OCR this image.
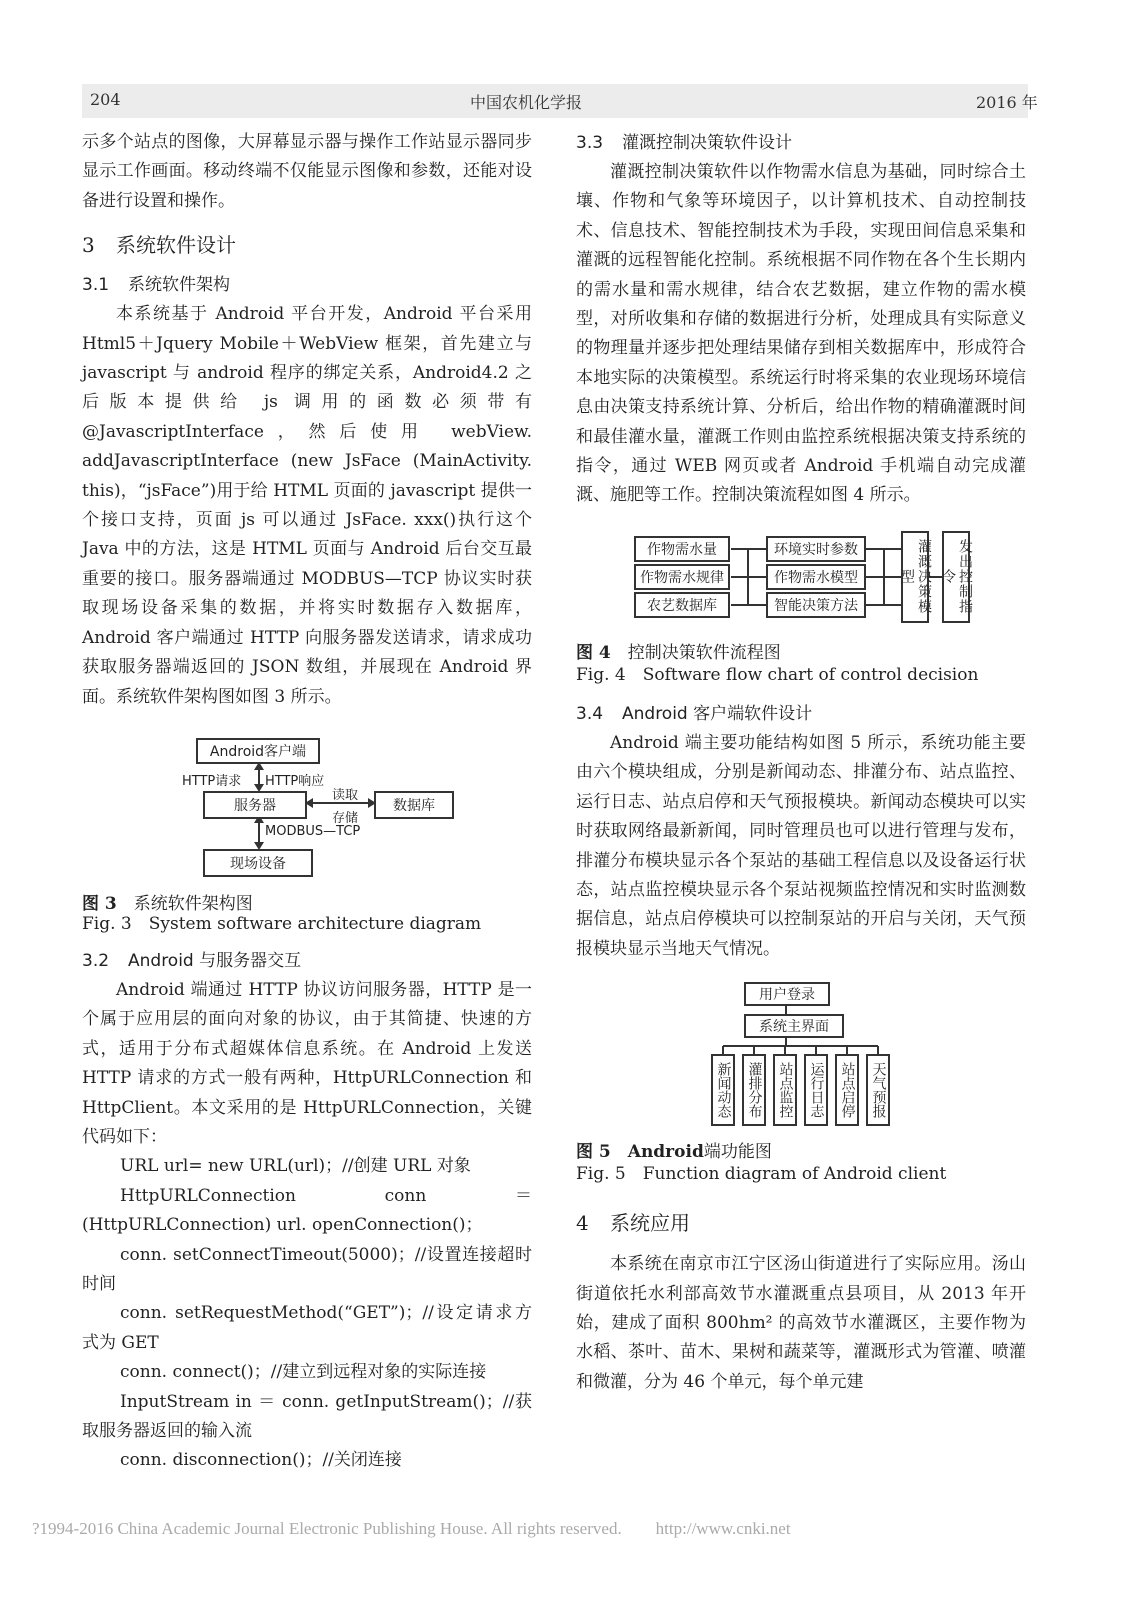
204	中国农机化学报	2016 年

示多个站点的图像，大屏幕显示器与操作工作站显示器同步显示工作画面。移动终端不仅能显示图像和参数，还能对设备进行设置和操作。

3 系统软件设计
3.1 系统软件架构

本系统基于 Android 平台开发，Android 平台采用 Html5＋Jquery Mobile＋WebView 框架，首先建立与 javascript 与 android 程序的绑定关系，Android4.2 之后版本提供给 js 调用的函数必须带有@JavascriptInterface，然后使用 webView. addJavascriptInterface (new JsFace (MainActivity. this)，“jsFace”)用于给 HTML 页面的 javascript 提供一个接口支持，页面 js 可以通过 JsFace. xxx()执行这个 Java 中的方法，这是 HTML 页面与 Android 后台交互最重要的接口。服务器端通过 MODBUS—TCP 协议实时获取现场设备采集的数据，并将实时数据存入数据库，Android 客户端通过 HTTP 向服务器发送请求，请求成功获取服务器端返回的 JSON 数组，并展现在 Android 界面。系统软件架构图如图 3 所示。

Android客户端
HTTP请求 HTTP响应
服务器
读取
存储
数据库
MODBUS—TCP
现场设备

图 3　 系统软件架构图

Fig. 3　System software architecture diagram

3.2 Android 与服务器交互

Android 端通过 HTTP 协议访问服务器，HTTP 是一个属于应用层的面向对象的协议，由于其简捷、快速的方式，适用于分布式超媒体信息系统。在 Android 上发送 HTTP 请求的方式一般有两种，HttpURLConnection 和 HttpClient。本文采用的是 HttpURLConnection，关键代码如下：

URL url= new URL(url)；//创建 URL 对象

HttpURLConnection conn ＝ (HttpURLConnection) url. openConnection()；

conn. setConnectTimeout(5000)；//设置连接超时时间

conn. setRequestMethod(“GET”)；//设定请求方式为 GET

conn. connect()；//建立到远程对象的实际连接

InputStream in ＝ conn. getInputStream()；//获取服务器返回的输入流

conn. disconnection()；//关闭连接

3.3 灌溉控制决策软件设计

灌溉控制决策软件以作物需水信息为基础，同时综合土壤、作物和气象等环境因子，以计算机技术、自动控制技术、信息技术、智能控制技术为手段，实现田间信息采集和灌溉的远程智能化控制。系统根据不同作物在各个生长期内的需水量和需水规律，结合农艺数据，建立作物的需水模型，对所收集和存储的数据进行分析，处理成具有实际意义的物理量并逐步把处理结果储存到相关数据库中，形成符合本地实际的决策模型。系统运行时将采集的农业现场环境信息由决策支持系统计算、分析后，给出作物的精确灌溉时间和最佳灌水量，灌溉工作则由监控系统根据决策支持系统的指令，通过 WEB 网页或者 Android 手机端自动完成灌溉、施肥等工作。控制决策流程如图 4 所示。

作物需水量
作物需水规律
农艺数据库
环境实时参数
作物需水模型
智能决策方法	灌溉决策模型	发出控制指令

图 4　 控制决策软件流程图

Fig. 4　Software flow chart of control decision

3.4 Android 客户端软件设计

Android 端主要功能结构如图 5 所示，系统功能主要由六个模块组成，分别是新闻动态、排灌分布、站点监控、运行日志、站点启停和天气预报模块。新闻动态模块可以实时获取网络最新新闻，同时管理员也可以进行管理与发布，排灌分布模块显示各个泵站的基础工程信息以及设备运行状态，站点监控模块显示各个泵站视频监控情况和实时监测数据信息，站点启停模块可以控制泵站的开启与关闭，天气预报模块显示当地天气情况。

用户登录
系统主界面
新闻动态	灌排分布	站点监控	运行日志	站点启停	天气预报

图 5　 Android端功能图

Fig. 5　Function diagram of Android client

4 系统应用

本系统在南京市江宁区汤山街道进行了实际应用。汤山街道依托水利部高效节水灌溉重点县项目，从 2013 年开始，建成了面积 800hm² 的高效节水灌溉区，主要作物为水稻、茶叶、苗木、果树和蔬菜等，灌溉形式为管灌、喷灌和微灌，分为 46 个单元，每个单元建

?1994-2016 China Academic Journal Electronic Publishing House. All rights reserved.　　http://www.cnki.net
